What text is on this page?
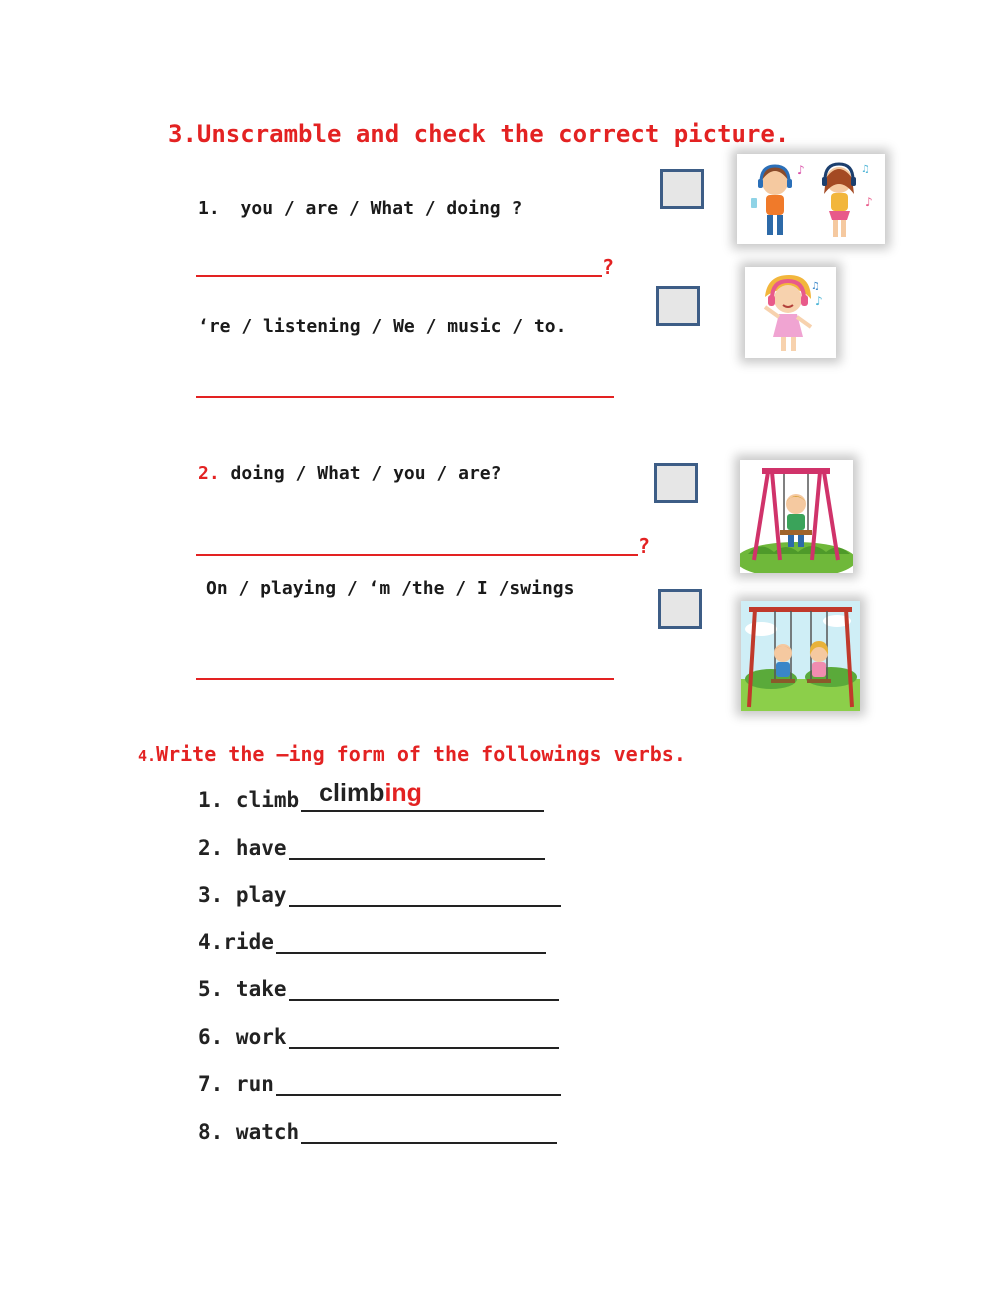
3.Unscramble and check the correct picture.
1. you / are / What / doing ?
?
‘re / listening / We / music / to.
2. doing / What / you / are?
?
On / playing / ‘m /the / I /swings
♪	♫
♪
♪
♫
4.Write the –ing form of the followings verbs.
1. climb climbing
2. have
3. play
4.ride
5. take
6. work
7. run
8. watch
